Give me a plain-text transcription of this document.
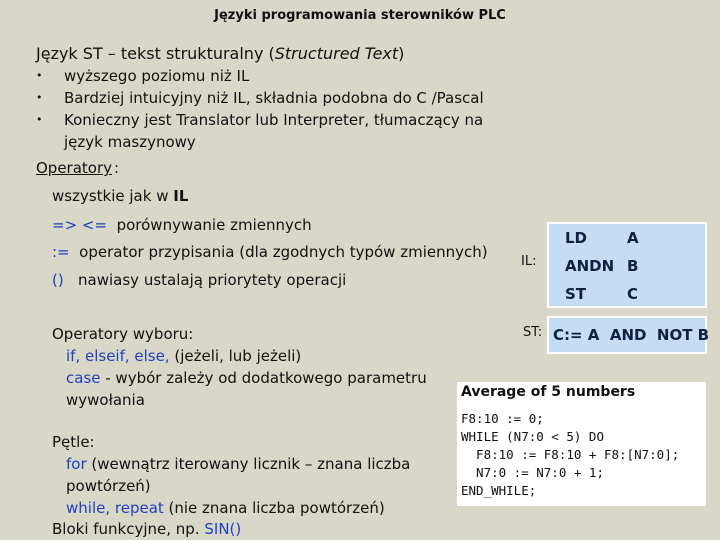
Języki programowania sterowników PLC
Język ST – tekst strukturalny (Structured Text)
• wyższego poziomu niż IL
• Bardziej intuicyjny niż IL, składnia podobna do C /Pascal
• Konieczny jest Translator lub Interpreter, tłumaczący na
język maszynowy
Operatory :
wszystkie jak w IL
=> <= porównywanie zmiennych
:= operator przypisania (dla zgodnych typów zmiennych)
() nawiasy ustalają priorytety operacji
Operatory wyboru:
if, elseif, else, (jeżeli, lub jeżeli)
case - wybór zależy od dodatkowego parametru
wywołania
Pętle:
for (wewnątrz iterowany licznik – znana liczba
powtórzeń)
while, repeat (nie znana liczba powtórzeń)
Bloki funkcyjne, np. SIN()
IL:
LD	A
ANDN B
ST	C
ST: C:= A  AND  NOT B
Average of 5 numbers
F8:10 := 0;
WHILE (N7:0 < 5) DO
F8:10 := F8:10 + F8:[N7:0];
N7:0 := N7:0 + 1;
END_WHILE;
